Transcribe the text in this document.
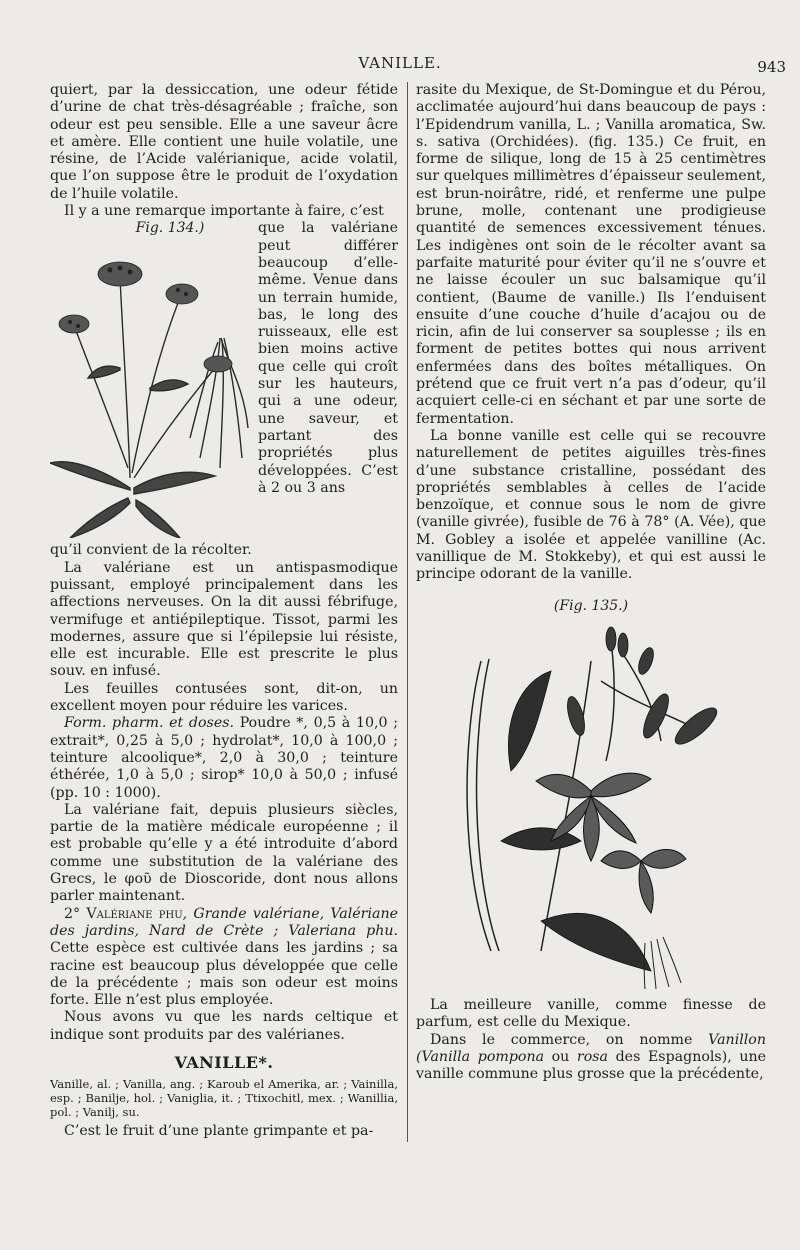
VANILLE.	943

quiert, par la dessiccation, une odeur fétide d’urine de chat très-désagréable ; fraîche, son odeur est peu sensible. Elle a une saveur âcre et amère. Elle contient une huile volatile, une résine, de l’Acide valérianique, acide volatil, que l’on suppose être le produit de l’oxydation de l’huile volatile.

Il y a une remarque importante à faire, c’est

Fig. 134.)	que la valériane peut différer beaucoup d’elle-même. Venue dans un terrain humide, bas, le long des ruisseaux, elle est bien moins active que celle qui croît sur les hauteurs, qui a une odeur, une saveur, et partant des propriétés plus développées. C’est à 2 ou 3 ans

qu’il convient de la récolter.

La valériane est un antispasmodique puissant, employé principalement dans les affections nerveuses. On la dit aussi fébrifuge, vermifuge et antiépileptique. Tissot, parmi les modernes, assure que si l’épilepsie lui résiste, elle est incurable. Elle est prescrite le plus souv. en infusé.

Les feuilles contusées sont, dit-on, un excellent moyen pour réduire les varices.

Form. pharm. et doses. Poudre *, 0,5 à 10,0 ; extrait*, 0,25 à 5,0 ; hydrolat*, 10,0 à 100,0 ; teinture alcoolique*, 2,0 à 30,0 ; teinture éthérée, 1,0 à 5,0 ; sirop* 10,0 à 50,0 ; infusé (pp. 10 : 1000).

La valériane fait, depuis plusieurs siècles, partie de la matière médicale européenne ; il est probable qu’elle y a été introduite d’abord comme une substitution de la valériane des Grecs, le φοῦ de Dioscoride, dont nous allons parler maintenant.

2° Valériane phu, Grande valériane, Valériane des jardins, Nard de Crète ; Valeriana phu. Cette espèce est cultivée dans les jardins ; sa racine est beaucoup plus développée que celle de la précédente ; mais son odeur est moins forte. Elle n’est plus employée.

Nous avons vu que les nards celtique et indique sont produits par des valérianes.

VANILLE*.

Vanille, al. ; Vanilla, ang. ; Karoub el Amerika, ar. ; Vainilla, esp. ; Banilje, hol. ; Vaniglia, it. ; Ttixochitl, mex. ; Wanillia, pol. ; Vanilj, su.

C’est le fruit d’une plante grimpante et pa-

rasite du Mexique, de St-Domingue et du Pérou, acclimatée aujourd’hui dans beaucoup de pays : l’Epidendrum vanilla, L. ; Vanilla aromatica, Sw. s. sativa (Orchidées). (fig. 135.) Ce fruit, en forme de silique, long de 15 à 25 centimètres sur quelques millimètres d’épaisseur seulement, est brun-noirâtre, ridé, et renferme une pulpe brune, molle, contenant une prodigieuse quantité de semences excessivement ténues. Les indigènes ont soin de le récolter avant sa parfaite maturité pour éviter qu’il ne s’ouvre et ne laisse écouler un suc balsamique qu’il contient, (Baume de vanille.) Ils l’enduisent ensuite d’une couche d’huile d’acajou ou de ricin, afin de lui conserver sa souplesse ; ils en forment de petites bottes qui nous arrivent enfermées dans des boîtes métalliques. On prétend que ce fruit vert n’a pas d’odeur, qu’il acquiert celle-ci en séchant et par une sorte de fermentation.

La bonne vanille est celle qui se recouvre naturellement de petites aiguilles très-fines d’une substance cristalline, possédant des propriétés semblables à celles de l’acide benzoïque, et connue sous le nom de givre (vanille givrée), fusible de 76 à 78° (A. Vée), que M. Gobley a isolée et appelée vanilline (Ac. vanillique de M. Stokkeby), et qui est aussi le principe odorant de la vanille.

(Fig. 135.)

La meilleure vanille, comme finesse de parfum, est celle du Mexique.

Dans le commerce, on nomme Vanillon (Vanilla pompona ou rosa des Espagnols), une vanille commune plus grosse que la précédente,
